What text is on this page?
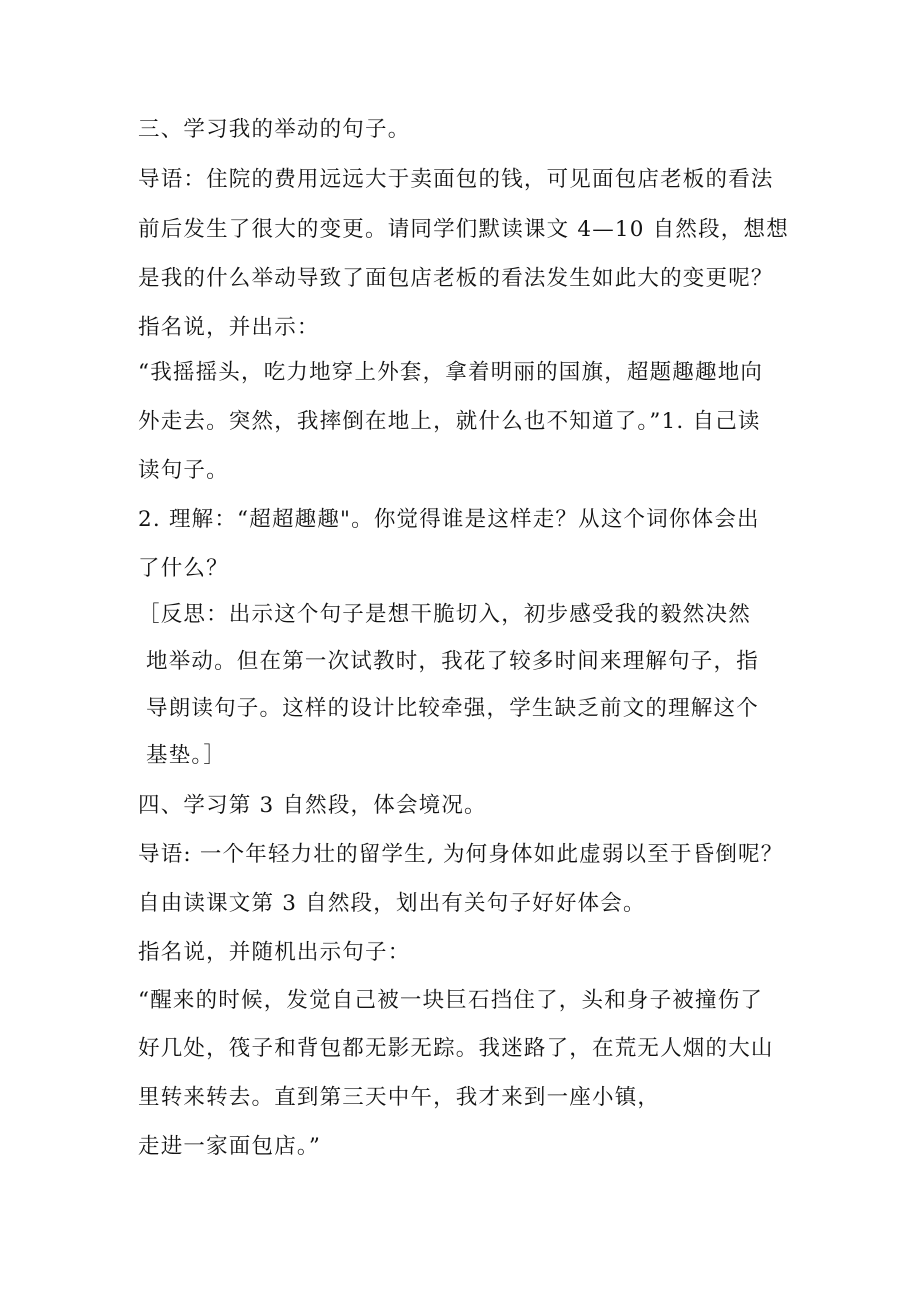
三、学习我的举动的句子。

导语：住院的费用远远大于卖面包的钱，可见面包店老板的看法

前后发生了很大的变更。请同学们默读课文 4—10 自然段，想想

是我的什么举动导致了面包店老板的看法发生如此大的变更呢？

指名说，并出示：

“我摇摇头，吃力地穿上外套，拿着明丽的国旗，超题趣趣地向

外走去。突然，我摔倒在地上，就什么也不知道了。”1. 自己读

读句子。

2. 理解：“超超趣趣"。你觉得谁是这样走？从这个词你体会出

了什么？

［反思：出示这个句子是想干脆切入，初步感受我的毅然决然

地举动。但在第一次试教时，我花了较多时间来理解句子，指

导朗读句子。这样的设计比较牵强，学生缺乏前文的理解这个

基垫。］

四、学习第 3 自然段，体会境况。

导语: 一个年轻力壮的留学生, 为何身体如此虚弱以至于昏倒呢？

自由读课文第 3 自然段，划出有关句子好好体会。

指名说，并随机出示句子：

“醒来的时候，发觉自己被一块巨石挡住了，头和身子被撞伤了

好几处，筏子和背包都无影无踪。我迷路了，在荒无人烟的大山

里转来转去。直到第三天中午，我才来到一座小镇，

走进一家面包店。”
